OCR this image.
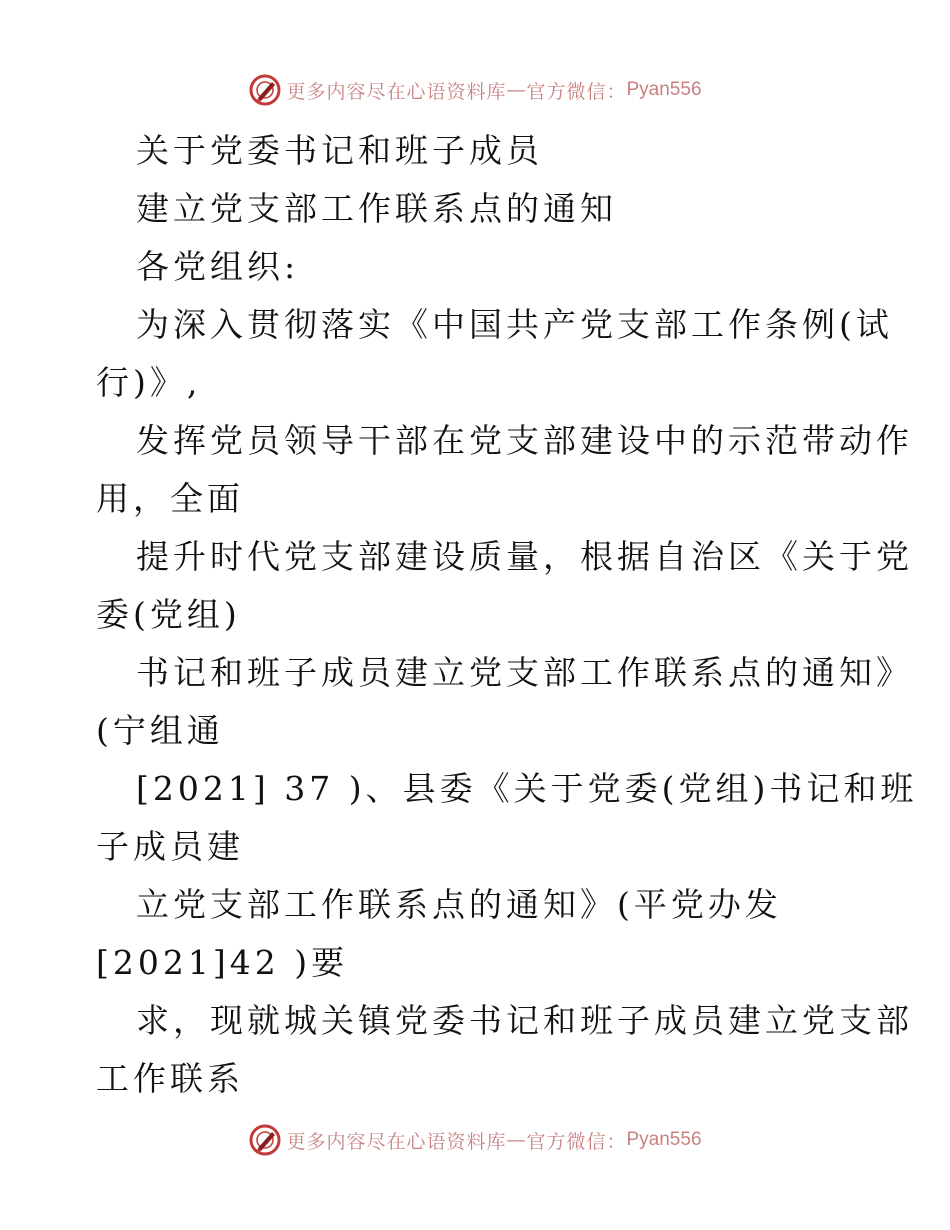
更多内容尽在心语资料库 — 官方微信： Pyan556
关于党委书记和班子成员
建立党支部工作联系点的通知
各党组织:
为深入贯彻落实《中国共产党支部工作条例(试
行)》,
发挥党员领导干部在党支部建设中的示范带动作
用，全面
提升时代党支部建设质量，根据自治区《关于党
委(党组)
书记和班子成员建立党支部工作联系点的通知》
(宁组通
[2021] 37 )、县委《关于党委(党组)书记和班
子成员建
立党支部工作联系点的通知》(平党办发
[2021]42 )要
求，现就城关镇党委书记和班子成员建立党支部
工作联系
更多内容尽在心语资料库 — 官方微信： Pyan556
